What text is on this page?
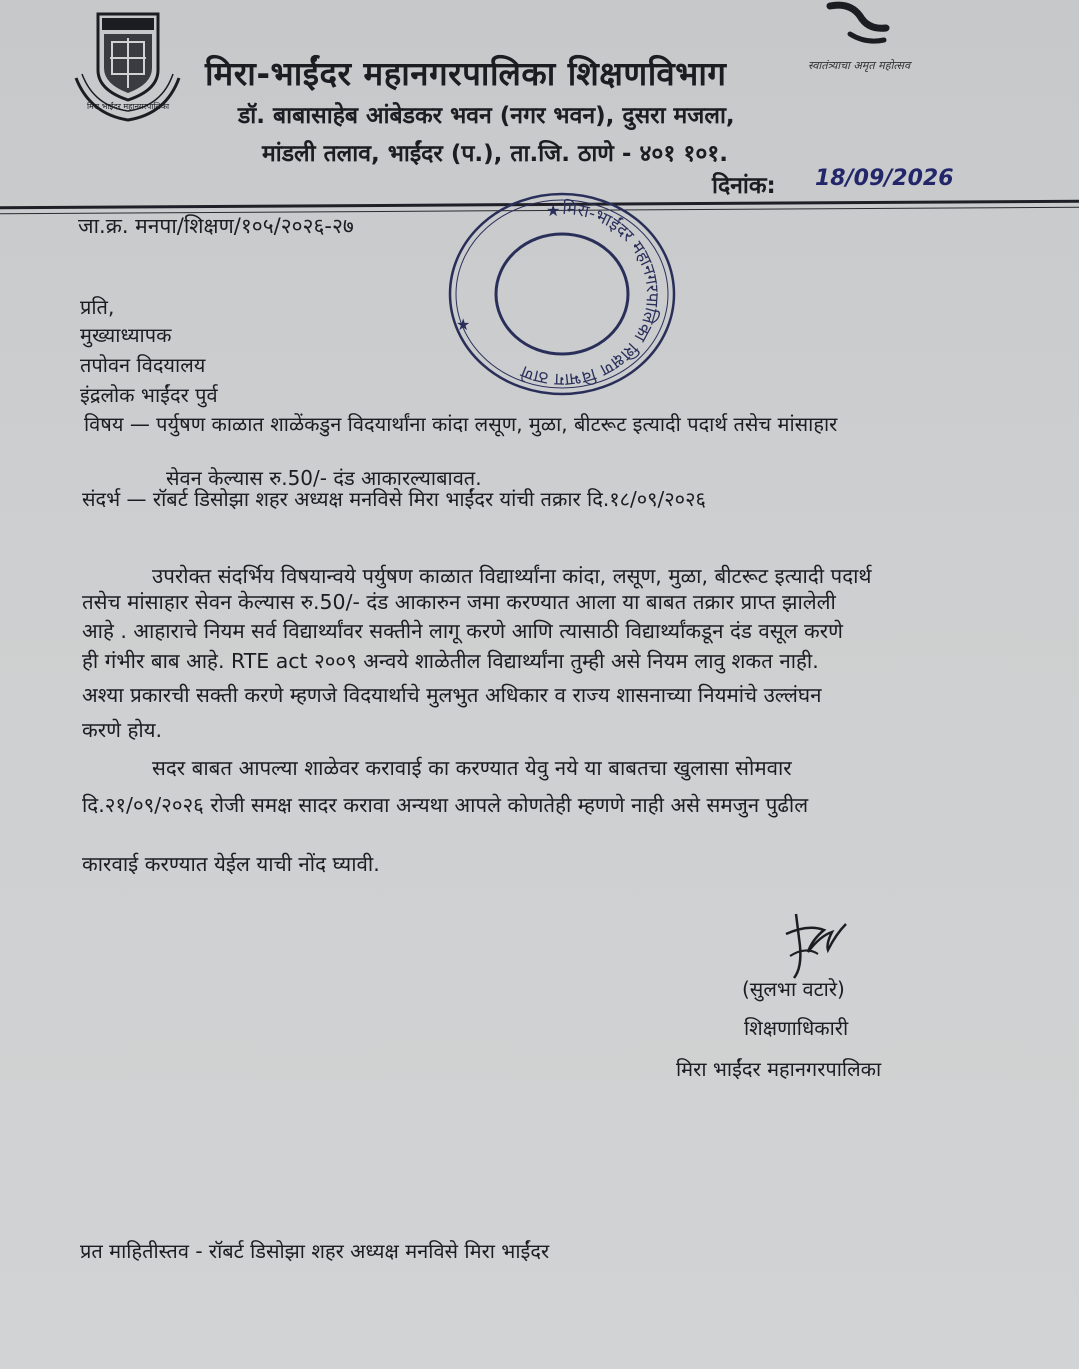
मिरा भाईंदर महानगरपालिका
मिरा-भाईंदर महानगरपालिका शिक्षणविभाग	स्वातंत्र्याचा अमृत महोत्सव
डॉ. बाबासाहेब आंबेडकर भवन (नगर भवन), दुसरा मजला,
मांडली तलाव, भाईंदर (प.), ता.जि. ठाणे - ४०१ १०१.
दिनांक: 18/09/2026
जा.क्र. मनपा/शिक्षण/१०५/२०२६-२७
मिरा-भाईंदर महानगरपालिका शिक्षण विभाग ठाणे
★
★
प्रति,
मुख्याध्यापक
तपोवन विदयालय
इंद्रलोक भाईंदर पुर्व
विषय — पर्युषण काळात शाळेंकडुन विदयार्थांना कांदा लसूण, मुळा, बीटरूट इत्यादी पदार्थ तसेच मांसाहार
सेवन केल्यास रु.50/- दंड आकारल्याबावत.
संदर्भ — रॉबर्ट डिसोझा शहर अध्यक्ष मनविसे मिरा भाईंदर यांची तक्रार दि.१८/०९/२०२६
उपरोक्त संदर्भिय विषयान्वये पर्युषण काळात विद्यार्थ्यांना कांदा, लसूण, मुळा, बीटरूट इत्यादी पदार्थ
तसेच मांसाहार सेवन केल्यास रु.50/- दंड आकारुन जमा करण्यात आला या बाबत तक्रार प्राप्त झालेली
आहे . आहाराचे नियम सर्व विद्यार्थ्यांवर सक्तीने लागू करणे आणि त्यासाठी विद्यार्थ्यांकडून दंड वसूल करणे
ही गंभीर बाब आहे. RTE act २००९ अन्वये शाळेतील विद्यार्थ्यांना तुम्ही असे नियम लावु शकत नाही.
अश्या प्रकारची सक्ती करणे म्हणजे विदयार्थाचे मुलभुत अधिकार व राज्य शासनाच्या नियमांचे उल्लंघन
करणे होय.
सदर बाबत आपल्या शाळेवर करावाई का करण्यात येवु नये या बाबतचा खुलासा सोमवार
दि.२१/०९/२०२६ रोजी समक्ष सादर करावा अन्यथा आपले कोणतेही म्हणणे नाही असे समजुन पुढील
कारवाई करण्यात येईल याची नोंद घ्यावी.
(सुलभा वटारे)
शिक्षणाधिकारी
मिरा भाईंदर महानगरपालिका
प्रत माहितीस्तव - रॉबर्ट डिसोझा शहर अध्यक्ष मनविसे मिरा भाईंदर
